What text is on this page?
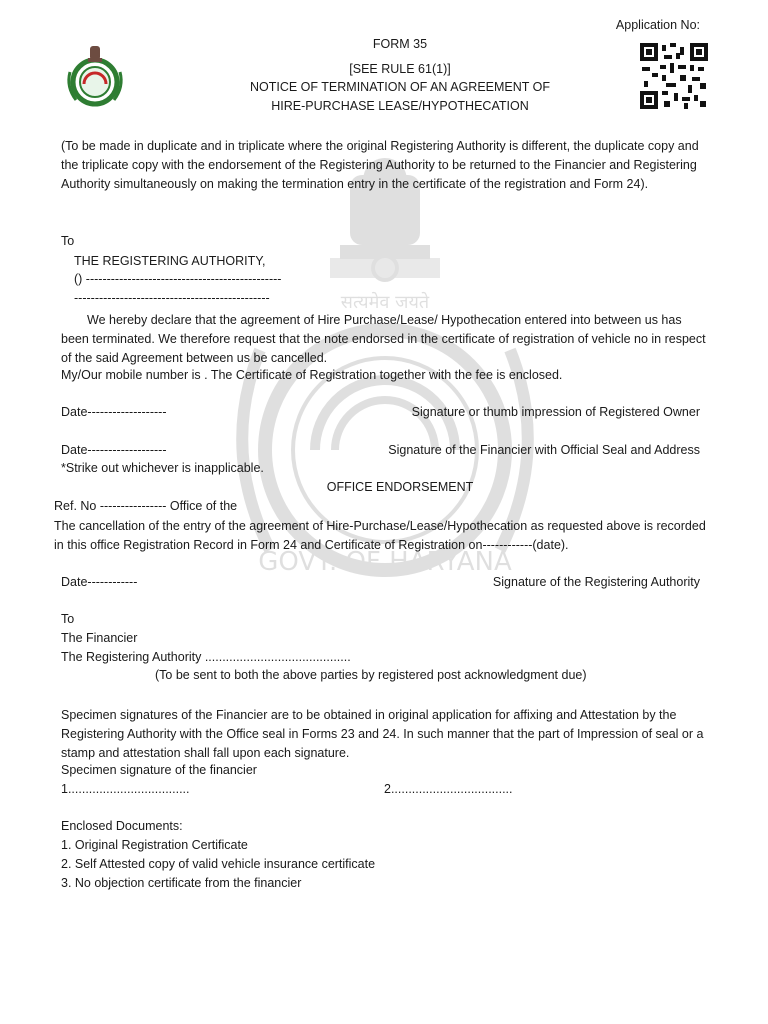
सत्यमेव जयते
GOVT. OF HARYANA
Application No:
FORM 35
[SEE RULE 61(1)]
NOTICE OF TERMINATION OF AN AGREEMENT OF
HIRE-PURCHASE LEASE/HYPOTHECATION
(To be made in duplicate and in triplicate where the original Registering Authority is different, the duplicate copy and the triplicate copy with the endorsement of the Registering Authority to be returned to the Financier and Registering Authority simultaneously on making the termination entry in the certificate of the registration and Form 24).
To
THE REGISTERING AUTHORITY,
() -----------------------------------------------
-----------------------------------------------
We hereby declare that the agreement of Hire Purchase/Lease/ Hypothecation entered into between us has been terminated. We therefore request that the note endorsed in the certificate of registration of vehicle no in respect of the said Agreement between us be cancelled.
My/Our mobile number is . The Certificate of Registration together with the fee is enclosed.
Date-------------------	Signature or thumb impression of Registered Owner
Date-------------------	Signature of the Financier with Official Seal and Address
*Strike out whichever is inapplicable.
OFFICE ENDORSEMENT
Ref. No ---------------- Office of the
The cancellation of the entry of the agreement of Hire-Purchase/Lease/Hypothecation as requested above is recorded in this office Registration Record in Form 24 and Certificate of Registration on------------(date).
Date------------	Signature of the Registering Authority
To
The Financier
The Registering Authority ..........................................
(To be sent to both the above parties by registered post acknowledgment due)
Specimen signatures of the Financier are to be obtained in original application for affixing and Attestation by the Registering Authority with the Office seal in Forms 23 and 24. In such manner that the part of Impression of seal or a stamp and attestation shall fall upon each signature.
Specimen signature of the financier
1...................................	2...................................
Enclosed Documents:
1. Original Registration Certificate
2. Self Attested copy of valid vehicle insurance certificate
3. No objection certificate from the financier
